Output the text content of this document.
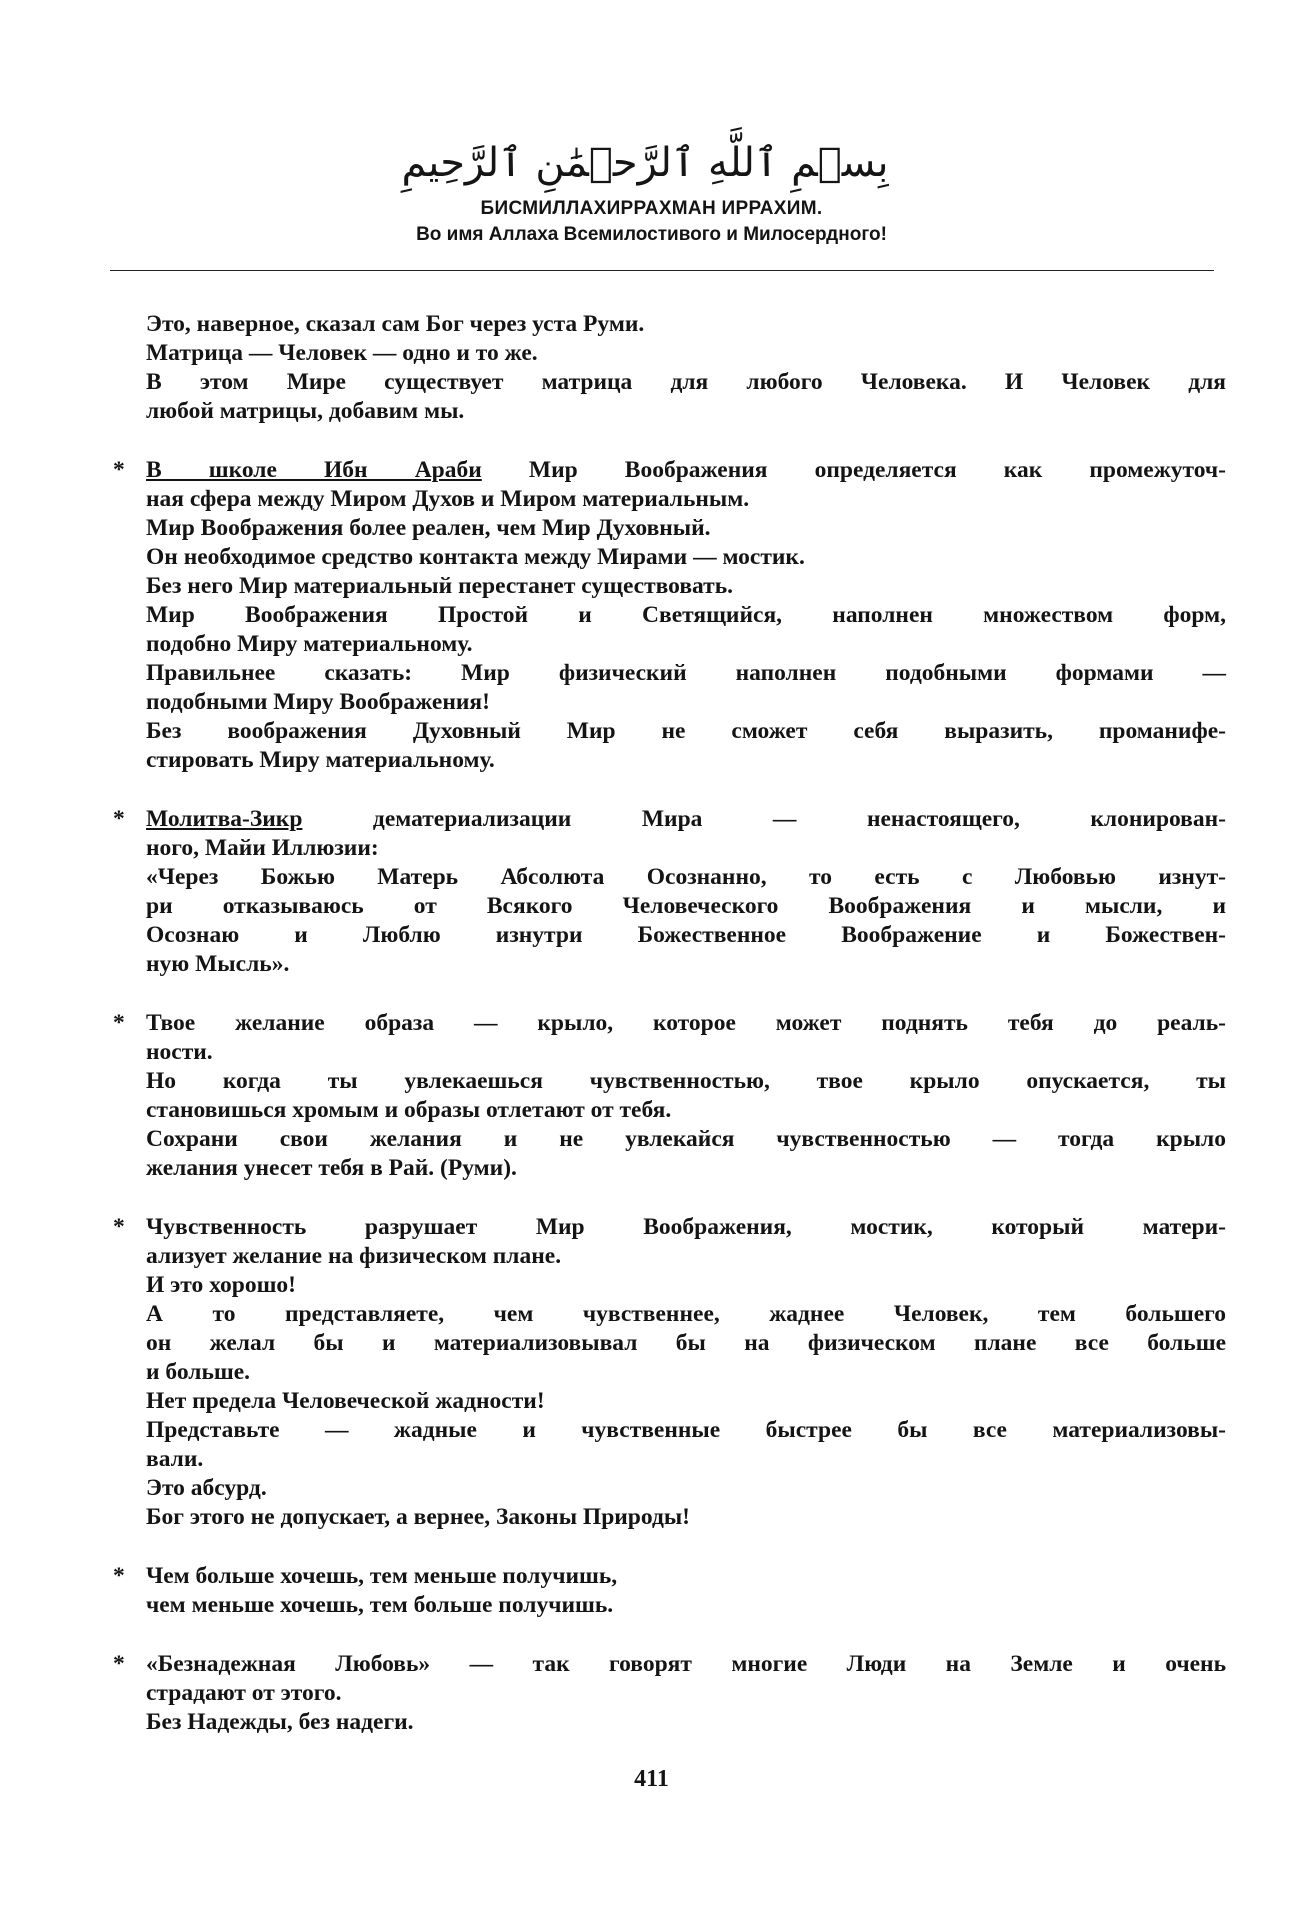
بِسۡمِ ٱللَّهِ ٱلرَّحۡمَٰنِ ٱلرَّحِيمِ

БИСМИЛЛАХИРРАХМАН ИРРАХИМ.

Во имя Аллаха Всемилостивого и Милосердного!

Это, наверное, сказал сам Бог через уста Руми.
Матрица — Человек — одно и то же.
В этом Мире существует матрица для любого Человека. И Человек для
любой матрицы, добавим мы.
* В школе Ибн Араби Мир Воображения определяется как промежуточ-
ная сфера между Миром Духов и Миром материальным.
Мир Воображения более реален, чем Мир Духовный.
Он необходимое средство контакта между Мирами — мостик.
Без него Мир материальный перестанет существовать.
Мир Воображения Простой и Светящийся, наполнен множеством форм,
подобно Миру материальному.
Правильнее сказать: Мир физический наполнен подобными формами —
подобными Миру Воображения!
Без воображения Духовный Мир не сможет себя выразить, проманифе-
стировать Миру материальному.
* Молитва-Зикр дематериализации Мира — ненастоящего, клонирован-
ного, Майи Иллюзии:
«Через Божью Матерь Абсолюта Осознанно, то есть с Любовью изнут-
ри отказываюсь от Всякого Человеческого Воображения и мысли, и
Осознаю и Люблю изнутри Божественное Воображение и Божествен-
ную Мысль».
* Твое желание образа — крыло, которое может поднять тебя до реаль-
ности.
Но когда ты увлекаешься чувственностью, твое крыло опускается, ты
становишься хромым и образы отлетают от тебя.
Сохрани свои желания и не увлекайся чувственностью — тогда крыло
желания унесет тебя в Рай. (Руми).
* Чувственность разрушает Мир Воображения, мостик, который матери-
ализует желание на физическом плане.
И это хорошо!
А то представляете, чем чувственнее, жаднее Человек, тем большего
он желал бы и материализовывал бы на физическом плане все больше
и больше.
Нет предела Человеческой жадности!
Представьте — жадные и чувственные быстрее бы все материализовы-
вали.
Это абсурд.
Бог этого не допускает, а вернее, Законы Природы!
* Чем больше хочешь, тем меньше получишь,
чем меньше хочешь, тем больше получишь.
* «Безнадежная Любовь» — так говорят многие Люди на Земле и очень
страдают от этого.
Без Надежды, без надеги.
411
